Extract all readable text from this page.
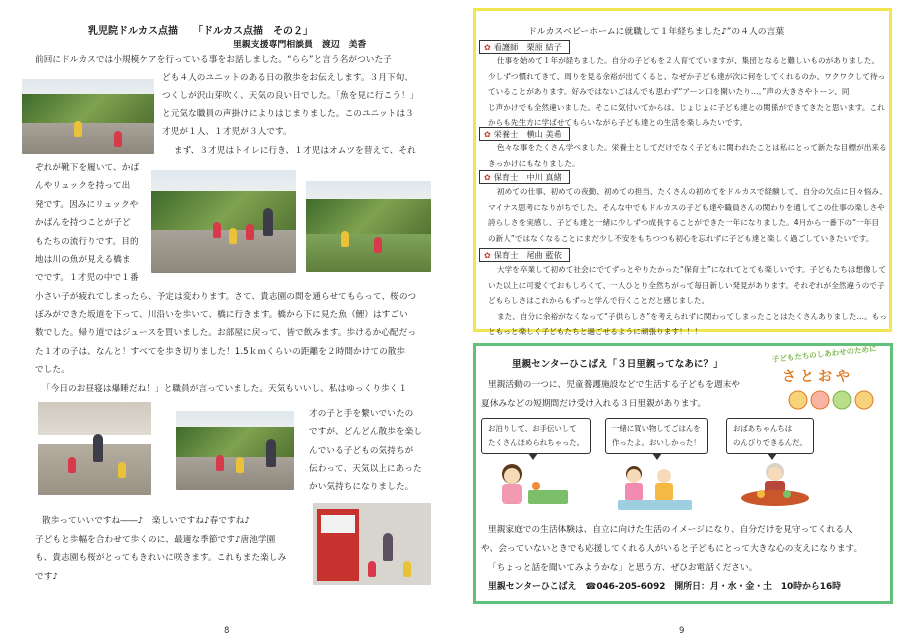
乳児院ドルカス点描　　「ドルカス点描　その２」
里親支援専門相談員　渡辺　美香
前回にドルカスでは小規模ケアを行っている事をお話しました。“らら”と言う名がついた子
ども４人のユニットのある日の散歩をお伝えします。３月下旬、
つくしが沢山芽吹く、天気の良い日でした。「魚を見に行こう！」
と元気な職員の声掛けによりはじまりました。このユニットは３
才児が１人、１才児が３人です。
まず、３才児はトイレに行き、１才児はオムツを替えて、それ
ぞれが靴下を履いて、かば
んやリュックを持って出
発です。因みにリュックや
かばんを持つことが子ど
もたちの流行りです。目的
地は川の魚が見える橋ま
でです。１才児の中で１番
小さい子が疲れてしまったら、予定は変わります。さて、貴志園の間を通らせてもらって、桜のつ
ぼみができた坂道を下って、川沿いを歩いて、橋に行きます。橋から下に見た魚（鯉）はすごい
数でした。帰り道ではジュースを買いました。お部屋に戻って、皆で飲みます。歩けるか心配だっ
た１才の子は、なんと！すべてを歩き切りました！1.5ｋｍくらいの距離を２時間かけての散歩
でした。
「今日のお昼寝は爆睡だね！」と職員が言っていました。天気もいいし、私はゆっくり歩く１
才の子と手を繋いでいたの
ですが、どんどん散歩を楽し
んでいる子どもの気持ちが
伝わって、天気以上にあった
かい気持ちになりました。
散歩っていいですね――♪　楽しいですね♪春ですね♪
子どもと歩幅を合わせて歩くのに、最適な季節です♪唐池学園
も、貴志園も桜がとってもきれいに咲きます。これもまた楽しみ
です♪
8
ドルカスベビーホームに就職して１年経ちました♪”の４人の言葉
✿ 看護師　栗原 結子
仕事を始めて１年が経ちました。自分の子どもを２人育てていますが、集団となると難しいものがありました。
少しずつ慣れてきて、周りを見る余裕が出てくると、なぜか子ども達が次に何をしてくれるのか、ワクワクして待っ
ていることがあります。好みではないごはんでも思わず“アーン口を開いたり…。”声の大きさやトーン、同
じ声かけでも全然違いました。そこに気付いてからは、じょじょに子ども達との関係ができてきたと思います。これ
からも先生方に学ばせてもらいながら子ども達との生活を楽しみたいです。
✿ 栄養士　横山 美希
色々な事をたくさん学べました。栄養士としてだけでなく子どもに関われたことは私にとって新たな目標が出来る
きっかけにもなりました。
✿ 保育士　中川 真緒
初めての仕事、初めての夜勤、初めての担当、たくさんの初めてをドルカスで経験して、自分の欠点に日々悩み、
マイナス思考になりがちでした。そんな中でもドルカスの子ども達や職員さんの関わりを通してこの仕事の楽しさや
誇らしさを実感し、子ども達と一緒に少しずつ成長することができた一年になりました。4月から一番下の“一年目
の新人”ではなくなることにまだ少し不安をもちつつも初心を忘れずに子ども達と楽しく過ごしていきたいです。
✿ 保育士　尾曲 藍依
大学を卒業して初めて社会にでてずっとやりたかった“保育士”になれてとても楽しいです。子どもたちは想像して
いた以上に可愛くておもしろくて、一人ひとり全然ちがって毎日新しい発見があります。それぞれが全然違うので子
どもらしさはこれからもずっと学んで行くことだと感じました。
また、自分に余裕がなくなって“子供らしさ”を考えられずに関わってしまったことはたくさんありました…。もっ
ともっと楽しく子どもたちと過ごせるように頑張ります！！！
里親センターひこばえ「３日里親ってなあに？」
里親活動の一つに、児童養護施設などで生活する子どもを週末や
夏休みなどの短期間だけ受け入れる３日里親があります。
子どもたちのしあわせのために
さとおや
お泊りして、お手伝いして
たくさんほめられちゃった。
一緒に買い物してごはんを
作ったよ。おいしかった！
おばあちゃんちは
のんびりできるんだ。
里親家庭での生活体験は、自立に向けた生活のイメージになり、自分だけを見守ってくれる人
や、会っていないときでも応援してくれる人がいると子どもにとって大きな心の支えになります。
「ちょっと話を聞いてみようかな」と思う方、ぜひお電話ください。
里親センターひこばえ　☎046-205-6092　開所日：月・水・金・土　10時から16時
9
